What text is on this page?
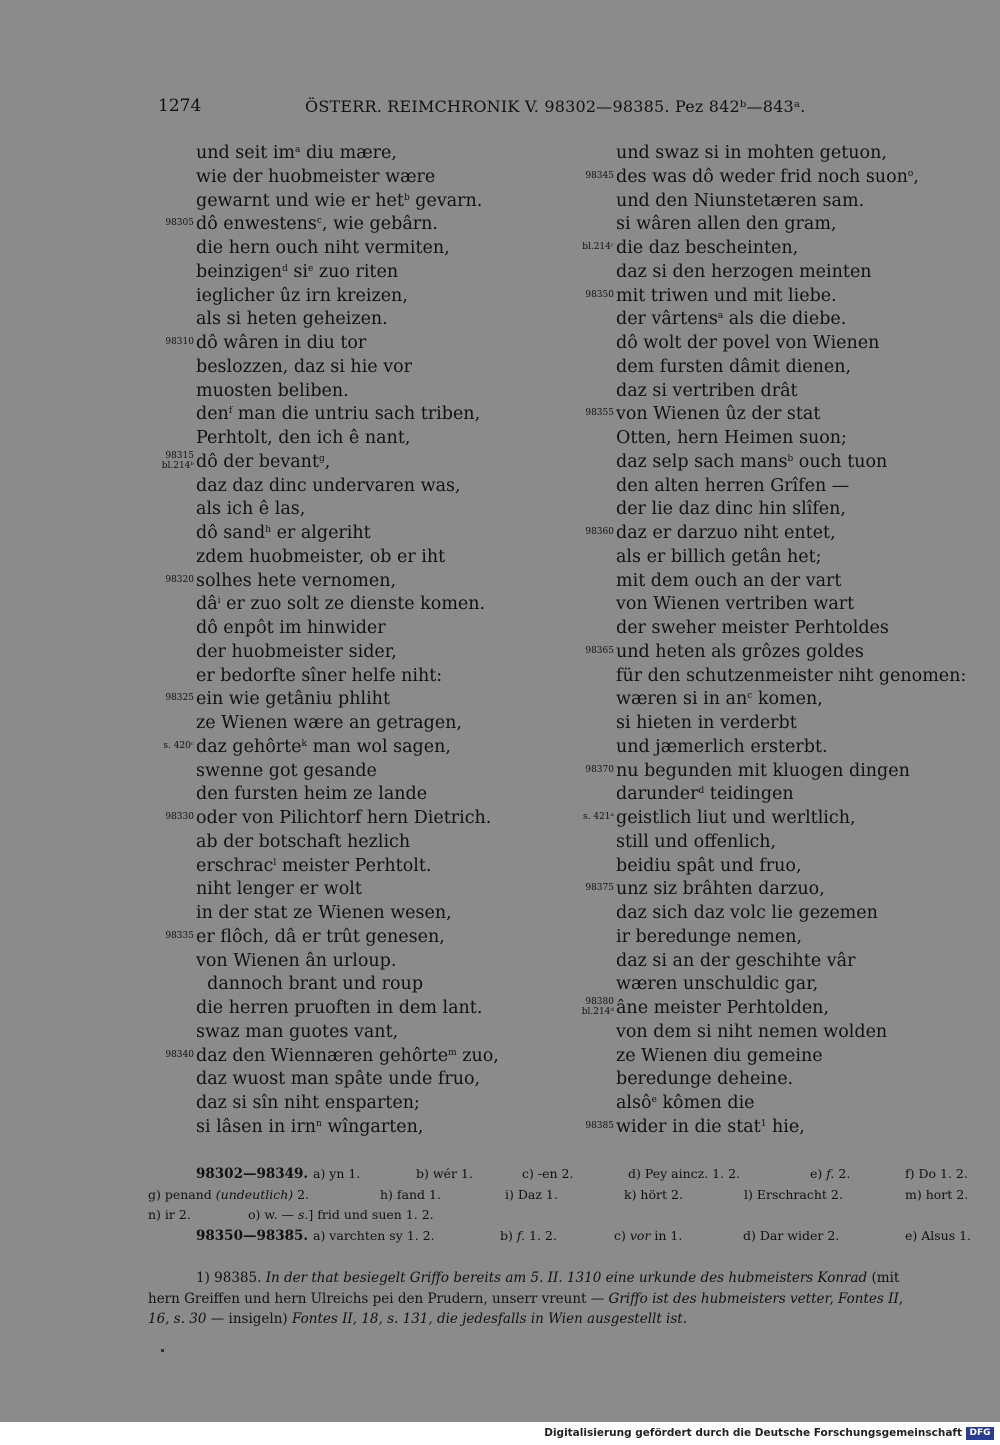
1274	ÖSTERR. REIMCHRONIK V. 98302—98385. Pez 842ᵇ—843ᵃ.
und seit $im^a$ diu mære,
wie der huobmeister wære
gewarnt und wie er het$^b$ gevarn.
98305 dô enwestens$^c$, wie gebârn.
die hern ouch niht vermiten,
beinzigen$^d$ $si^e$ zuo riten
ieglicher ûz irn kreizen,
als si heten geheizen.
98310 dô wâren in diu tor
beslozzen, daz si hie vor
muosten beliben.
den$^f$ man die untriu sach triben,
Perhtolt, den ich ê nant,
98315
bl.214ᵇ dô der bevant$^g$,
daz daz dinc undervaren was,
als ich ê las,
dô sand$^h$ er algeriht
zdem huobmeister, ob er iht
98320 solhes hete vernomen,
$dâ^i$ er zuo solt ze dienste komen.
dô enpôt im hinwider
der huobmeister sider,
er bedorfte sîner helfe niht:
98325 ein wie getâniu phliht
ze Wienen wære an getragen,
s. 420ᶜ daz gehôrte$^k$ man wol sagen,
swenne got gesande
den fursten heim ze lande
98330 oder von Pilichtorf hern Dietrich.
ab der botschaft hezlich
erschrac$^l$ meister Perhtolt.
niht lenger er wolt
in der stat ze Wienen wesen,
98335 er flôch, dâ er trût genesen,
von Wienen ân urloup.
dannoch brant und roup
die herren pruoften in dem lant.
swaz man guotes vant,
98340 daz den Wiennæren gehôrte$^m$ zuo,
daz wuost man spâte unde fruo,
daz si sîn niht ensparten;
si lâsen in irn$^n$ wîngarten,
und swaz si in mohten getuon,
98345 des was dô weder frid noch suon$^o$,
und den Niunstetæren sam.
si wâren allen den gram,
bl.214ᶜ die daz bescheinten,
daz si den herzogen meinten
98350 mit triwen und mit liebe.
der vârtens$^a$ als die diebe.
dô wolt der povel von Wienen
dem fursten dâmit dienen,
daz si vertriben drât
98355 von Wienen ûz der stat
Otten, hern Heimen suon;
daz selp sach mans$^b$ ouch tuon
den alten herren Grîfen —
der lie daz dinc hin slîfen,
98360 daz er darzuo niht entet,
als er billich getân het;
mit dem ouch an der vart
von Wienen vertriben wart
der sweher meister Perhtoldes
98365 und heten als grôzes goldes
für den schutzenmeister niht genomen:
wæren si in $an^c$ komen,
si hieten in verderbt
und jæmerlich ersterbt.
98370 nu begunden mit kluogen dingen
darunder$^d$ teidingen
s. 421ᵃ geistlich liut und werltlich,
still und offenlich,
beidiu spât und fruo,
98375 unz siz brâhten darzuo,
daz sich daz volc lie gezemen
ir beredunge nemen,
daz si an der geschihte vâr
wæren unschuldic gar,
98380
bl.214ᵈ âne meister Perhtolden,
von dem si niht nemen wolden
ze Wienen diu gemeine
beredunge deheine.
alsô$^e$ kômen die
98385 wider in die stat$^1$ hie,
98302—98349. a) yn 1.	b) wér 1.	c) -en 2.	d) Pey aincz. 1. 2.	e) f. 2.	f) Do 1. 2.
g) penand (undeutlich) 2.	h) fand 1.	i) Daz 1.	k) hört 2.	l) Erschracht 2.	m) hort 2.
n) ir 2.	o) w. — s.] frid und suen 1. 2.
98350—98385. a) varchten sy 1. 2.	b) f. 1. 2.	c) vor in 1.	d) Dar wider 2.	e) Alsus 1.
1) 98385. In der that besiegelt Griffo bereits am 5. II. 1310 eine urkunde des hubmeisters Konrad (mit
hern Greiffen und hern Ulreichs pei den Prudern, unserr vreunt — Griffo ist des hubmeisters vetter, Fontes II,
16, s. 30 — insigeln) Fontes II, 18, s. 131, die jedesfalls in Wien ausgestellt ist.
Digitalisierung gefördert durch die Deutsche Forschungsgemeinschaft DFG
